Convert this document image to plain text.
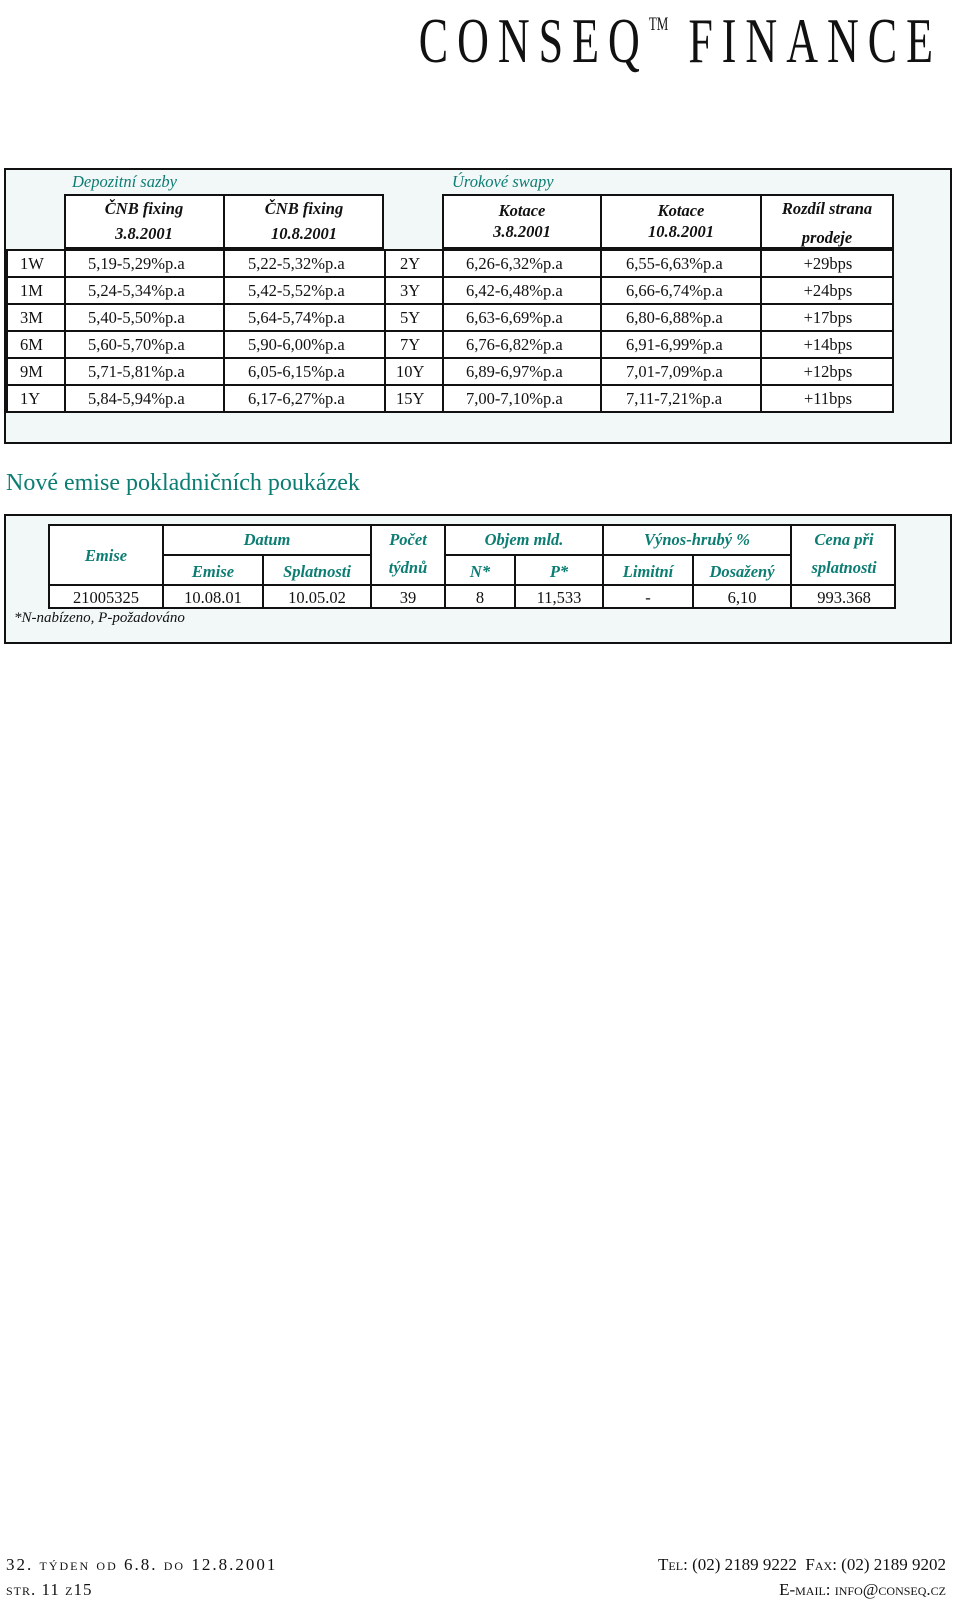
CONSEQ™ FINANCE
Depozitní sazby	Úrokové swapy
ČNB fixing
3.8.2001
ČNB fixing
10.8.2001
Kotace
3.8.2001
Kotace
10.8.2001
Rozdíl strana
prodeje
1W	5,19-5,29%p.a	5,22-5,32%p.a	2Y	6,26-6,32%p.a	6,55-6,63%p.a	+29bps
1M	5,24-5,34%p.a	5,42-5,52%p.a	3Y	6,42-6,48%p.a	6,66-6,74%p.a	+24bps
3M	5,40-5,50%p.a	5,64-5,74%p.a	5Y	6,63-6,69%p.a	6,80-6,88%p.a	+17bps
6M	5,60-5,70%p.a	5,90-6,00%p.a	7Y	6,76-6,82%p.a	6,91-6,99%p.a	+14bps
9M	5,71-5,81%p.a	6,05-6,15%p.a	10Y	6,89-6,97%p.a	7,01-7,09%p.a	+12bps
1Y	5,84-5,94%p.a	6,17-6,27%p.a	15Y	7,00-7,10%p.a	7,11-7,21%p.a	+11bps
Nové emise pokladničních poukázek
Emise
Datum
Emise	Splatnosti
Počet
týdnů
Objem mld.
N*	P*
Výnos-hrubý %
Limitní	Dosažený
Cena při
splatnosti
21005325	10.08.01	10.05.02	39	8	11,533	-	6,10	993.368
*N-nabízeno, P-požadováno
32. týden od 6.8. do 12.8.2001
str. 11 z15
Tel: (02) 2189 9222 Fax: (02) 2189 9202
E-mail: info@conseq.cz
